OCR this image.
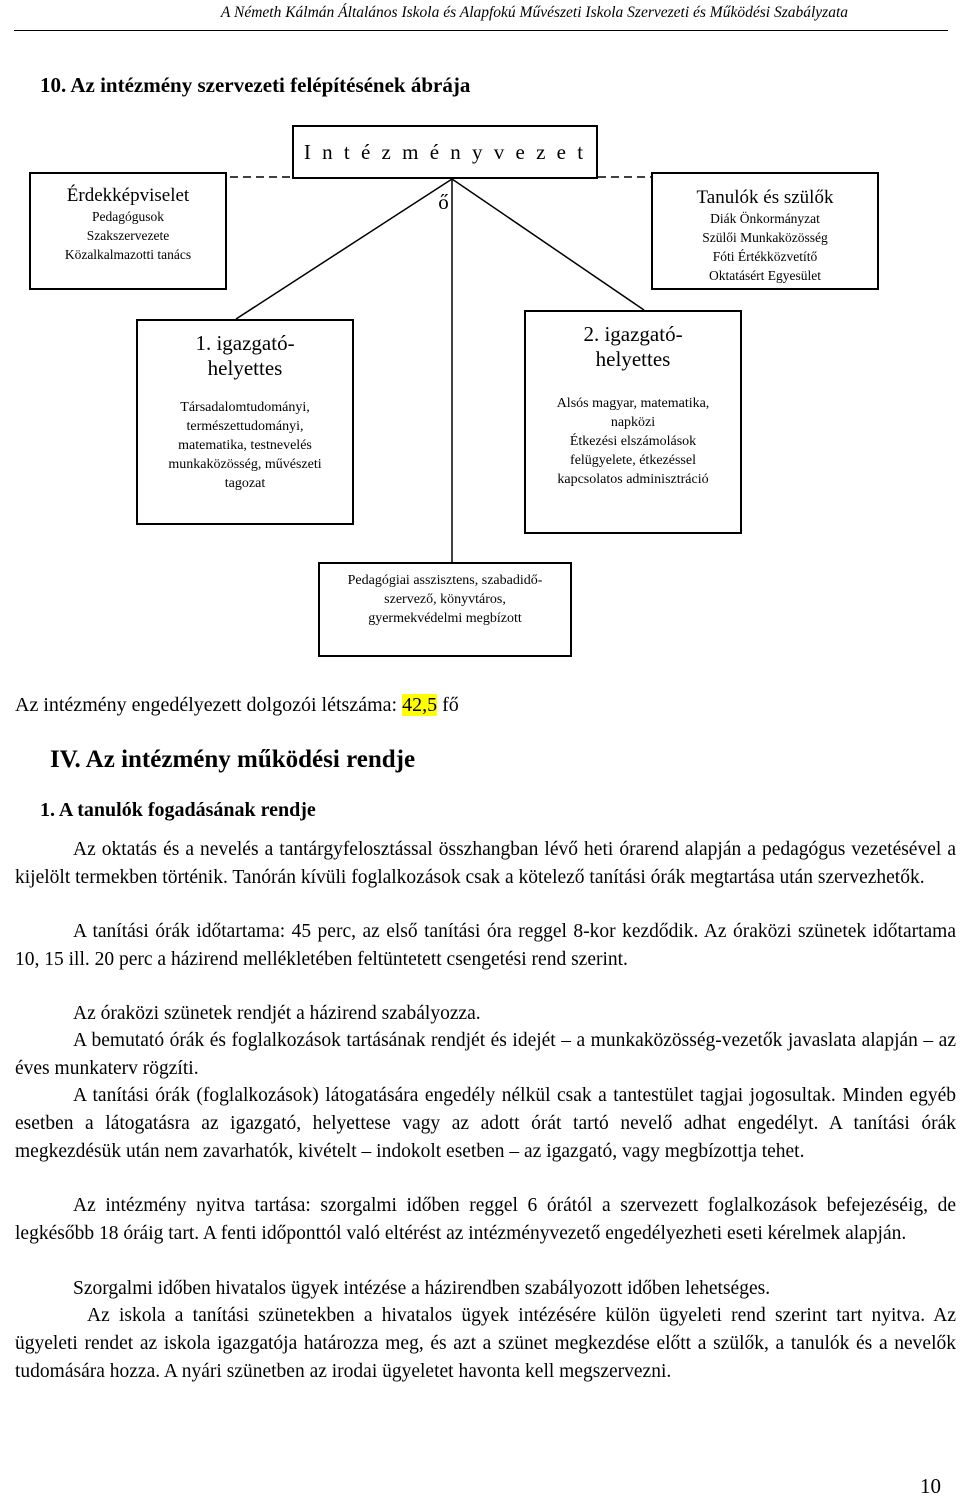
A Németh Kálmán Általános Iskola és Alapfokú Művészeti Iskola Szervezeti és Működési Szabályzata
10. Az intézmény szervezeti felépítésének ábrája
I n t é z m é n y v e z e t ő
Érdekképviselet
Pedagógusok
Szakszervezete
Közalkalmazotti tanács
Tanulók és szülők
Diák Önkormányzat
Szülői Munkaközösség
Fóti Értékközvetítő
Oktatásért Egyesület
1. igazgató-
helyettes
Társadalomtudományi,
természettudományi,
matematika, testnevelés
munkaközösség, művészeti
tagozat
2. igazgató-
helyettes
Alsós magyar, matematika,
napközi
Étkezési elszámolások
felügyelete, étkezéssel
kapcsolatos adminisztráció
Pedagógiai asszisztens, szabadidő-
szervező, könyvtáros,
gyermekvédelmi megbízott
Az intézmény engedélyezett dolgozói létszáma: 42,5 fő
IV. Az intézmény működési rendje
1. A tanulók fogadásának rendje

Az oktatás és a nevelés a tantárgyfelosztással összhangban lévő heti órarend alapján a pedagógus vezetésével a kijelölt termekben történik. Tanórán kívüli foglalkozások csak a kötelező tanítási órák megtartása után szervezhetők.

A tanítási órák időtartama: 45 perc, az első tanítási óra reggel 8-kor kezdődik. Az óraközi szünetek időtartama 10, 15 ill. 20 perc a házirend mellékletében feltüntetett csengetési rend szerint.

Az óraközi szünetek rendjét a házirend szabályozza.

A bemutató órák és foglalkozások tartásának rendjét és idejét – a munkaközösség-vezetők javaslata alapján – az éves munkaterv rögzíti.

A tanítási órák (foglalkozások) látogatására engedély nélkül csak a tantestület tagjai jogosultak. Minden egyéb esetben a látogatásra az igazgató, helyettese vagy az adott órát tartó nevelő adhat engedélyt. A tanítási órák megkezdésük után nem zavarhatók, kivételt – indokolt esetben – az igazgató, vagy megbízottja tehet.

Az intézmény nyitva tartása: szorgalmi időben reggel 6 órától a szervezett foglalkozások befejezéséig, de legkésőbb 18 óráig tart. A fenti időponttól való eltérést az intézményvezető engedélyezheti eseti kérelmek alapján.

Szorgalmi időben hivatalos ügyek intézése a házirendben szabályozott időben lehetséges.

Az iskola a tanítási szünetekben a hivatalos ügyek intézésére külön ügyeleti rend szerint tart nyitva. Az ügyeleti rendet az iskola igazgatója határozza meg, és azt a szünet megkezdése előtt a szülők, a tanulók és a nevelők tudomására hozza. A nyári szünetben az irodai ügyeletet havonta kell megszervezni.

10
